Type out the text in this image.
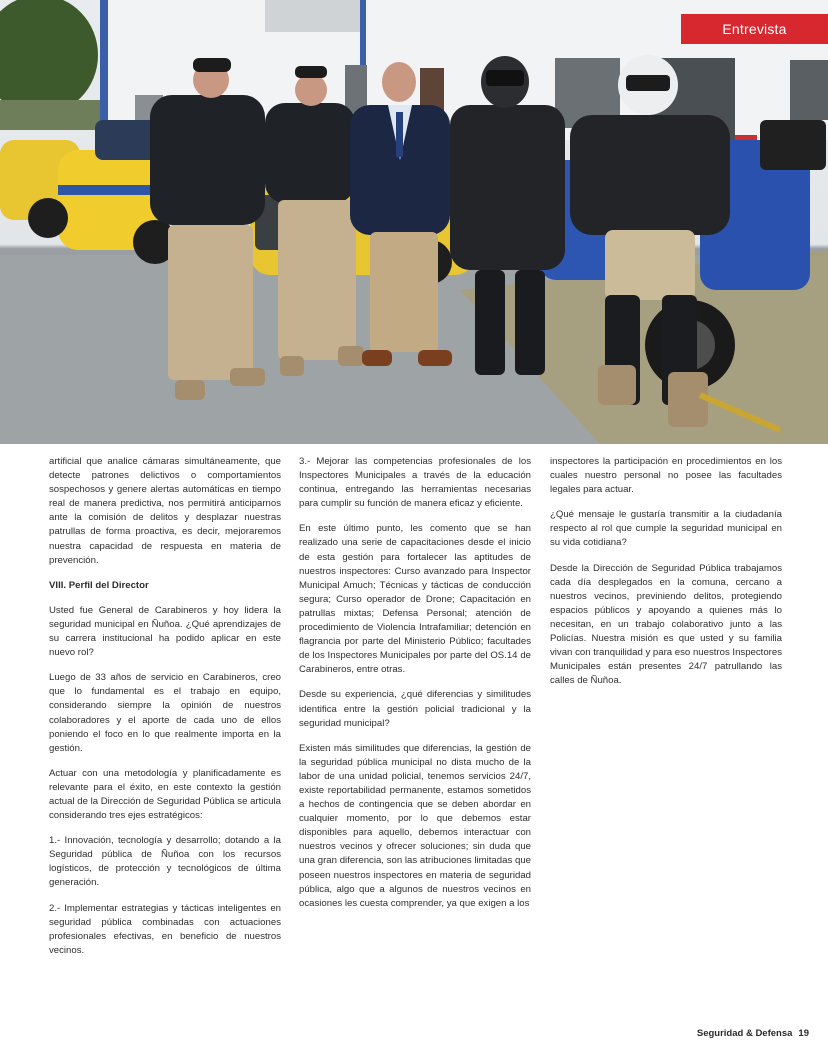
Entrevista

artificial que analice cámaras simultáneamente, que detecte patrones delictivos o comportamientos sospechosos y genere alertas automáticas en tiempo real de manera predictiva, nos permitirá anticiparnos ante la comisión de delitos y desplazar nuestras patrullas de forma proactiva, es decir, mejoraremos nuestra capacidad de respuesta en materia de prevención.

VIII. Perfil del Director

Usted fue General de Carabineros y hoy lidera la seguridad municipal en Ñuñoa. ¿Qué aprendizajes de su carrera institucional ha podido aplicar en este nuevo rol?

Luego de 33 años de servicio en Carabineros, creo que lo fundamental es el trabajo en equipo, considerando siempre la opinión de nuestros colaboradores y el aporte de cada uno de ellos poniendo el foco en lo que realmente importa en la gestión.

Actuar con una metodología y planificadamente es relevante para el éxito, en este contexto la gestión actual de la Dirección de Seguridad Pública se articula considerando tres ejes estratégicos:

1.- Innovación, tecnología y desarrollo; dotando a la Seguridad pública de Ñuñoa con los recursos logísticos, de protección y tecnológicos de última generación.

2.- Implementar estrategias y tácticas inteligentes en seguridad pública combinadas con actuaciones profesionales efectivas, en beneficio de nuestros vecinos.

3.- Mejorar las competencias profesionales de los Inspectores Municipales a través de la educación continua, entregando las herramientas necesarias para cumplir su función de manera eficaz y eficiente.

En este último punto, les comento que se han realizado una serie de capacitaciones desde el inicio de esta gestión para fortalecer las aptitudes de nuestros inspectores: Curso avanzado para Inspector Municipal Amuch; Técnicas y tácticas de conducción segura; Curso operador de Drone; Capacitación en patrullas mixtas; Defensa Personal; atención de procedimiento de Violencia Intrafamiliar; detención en flagrancia por parte del Ministerio Público; facultades de los Inspectores Municipales por parte del OS.14 de Carabineros, entre otras.

Desde su experiencia, ¿qué diferencias y similitudes identifica entre la gestión policial tradicional y la seguridad municipal?

Existen más similitudes que diferencias, la gestión de la seguridad pública municipal no dista mucho de la labor de una unidad policial, tenemos servicios 24/7, existe reportabilidad permanente, estamos sometidos a hechos de contingencia que se deben abordar en cualquier momento, por lo que debemos estar disponibles para aquello, debemos interactuar con nuestros vecinos y ofrecer soluciones; sin duda que una gran diferencia, son las atribuciones limitadas que poseen nuestros inspectores en materia de seguridad pública, algo que a algunos de nuestros vecinos en ocasiones les cuesta comprender, ya que exigen a los

inspectores la participación en procedimientos en los cuales nuestro personal no posee las facultades legales para actuar.

¿Qué mensaje le gustaría transmitir a la ciudadanía respecto al rol que cumple la seguridad municipal en su vida cotidiana?

Desde la Dirección de Seguridad Pública trabajamos cada día desplegados en la comuna, cercano a nuestros vecinos, previniendo delitos, protegiendo espacios públicos y apoyando a quienes más lo necesitan, en un trabajo colaborativo junto a las Policías. Nuestra misión es que usted y su familia vivan con tranquilidad y para eso nuestros Inspectores Municipales están presentes 24/7 patrullando las calles de Ñuñoa.

Seguridad & Defensa 19
